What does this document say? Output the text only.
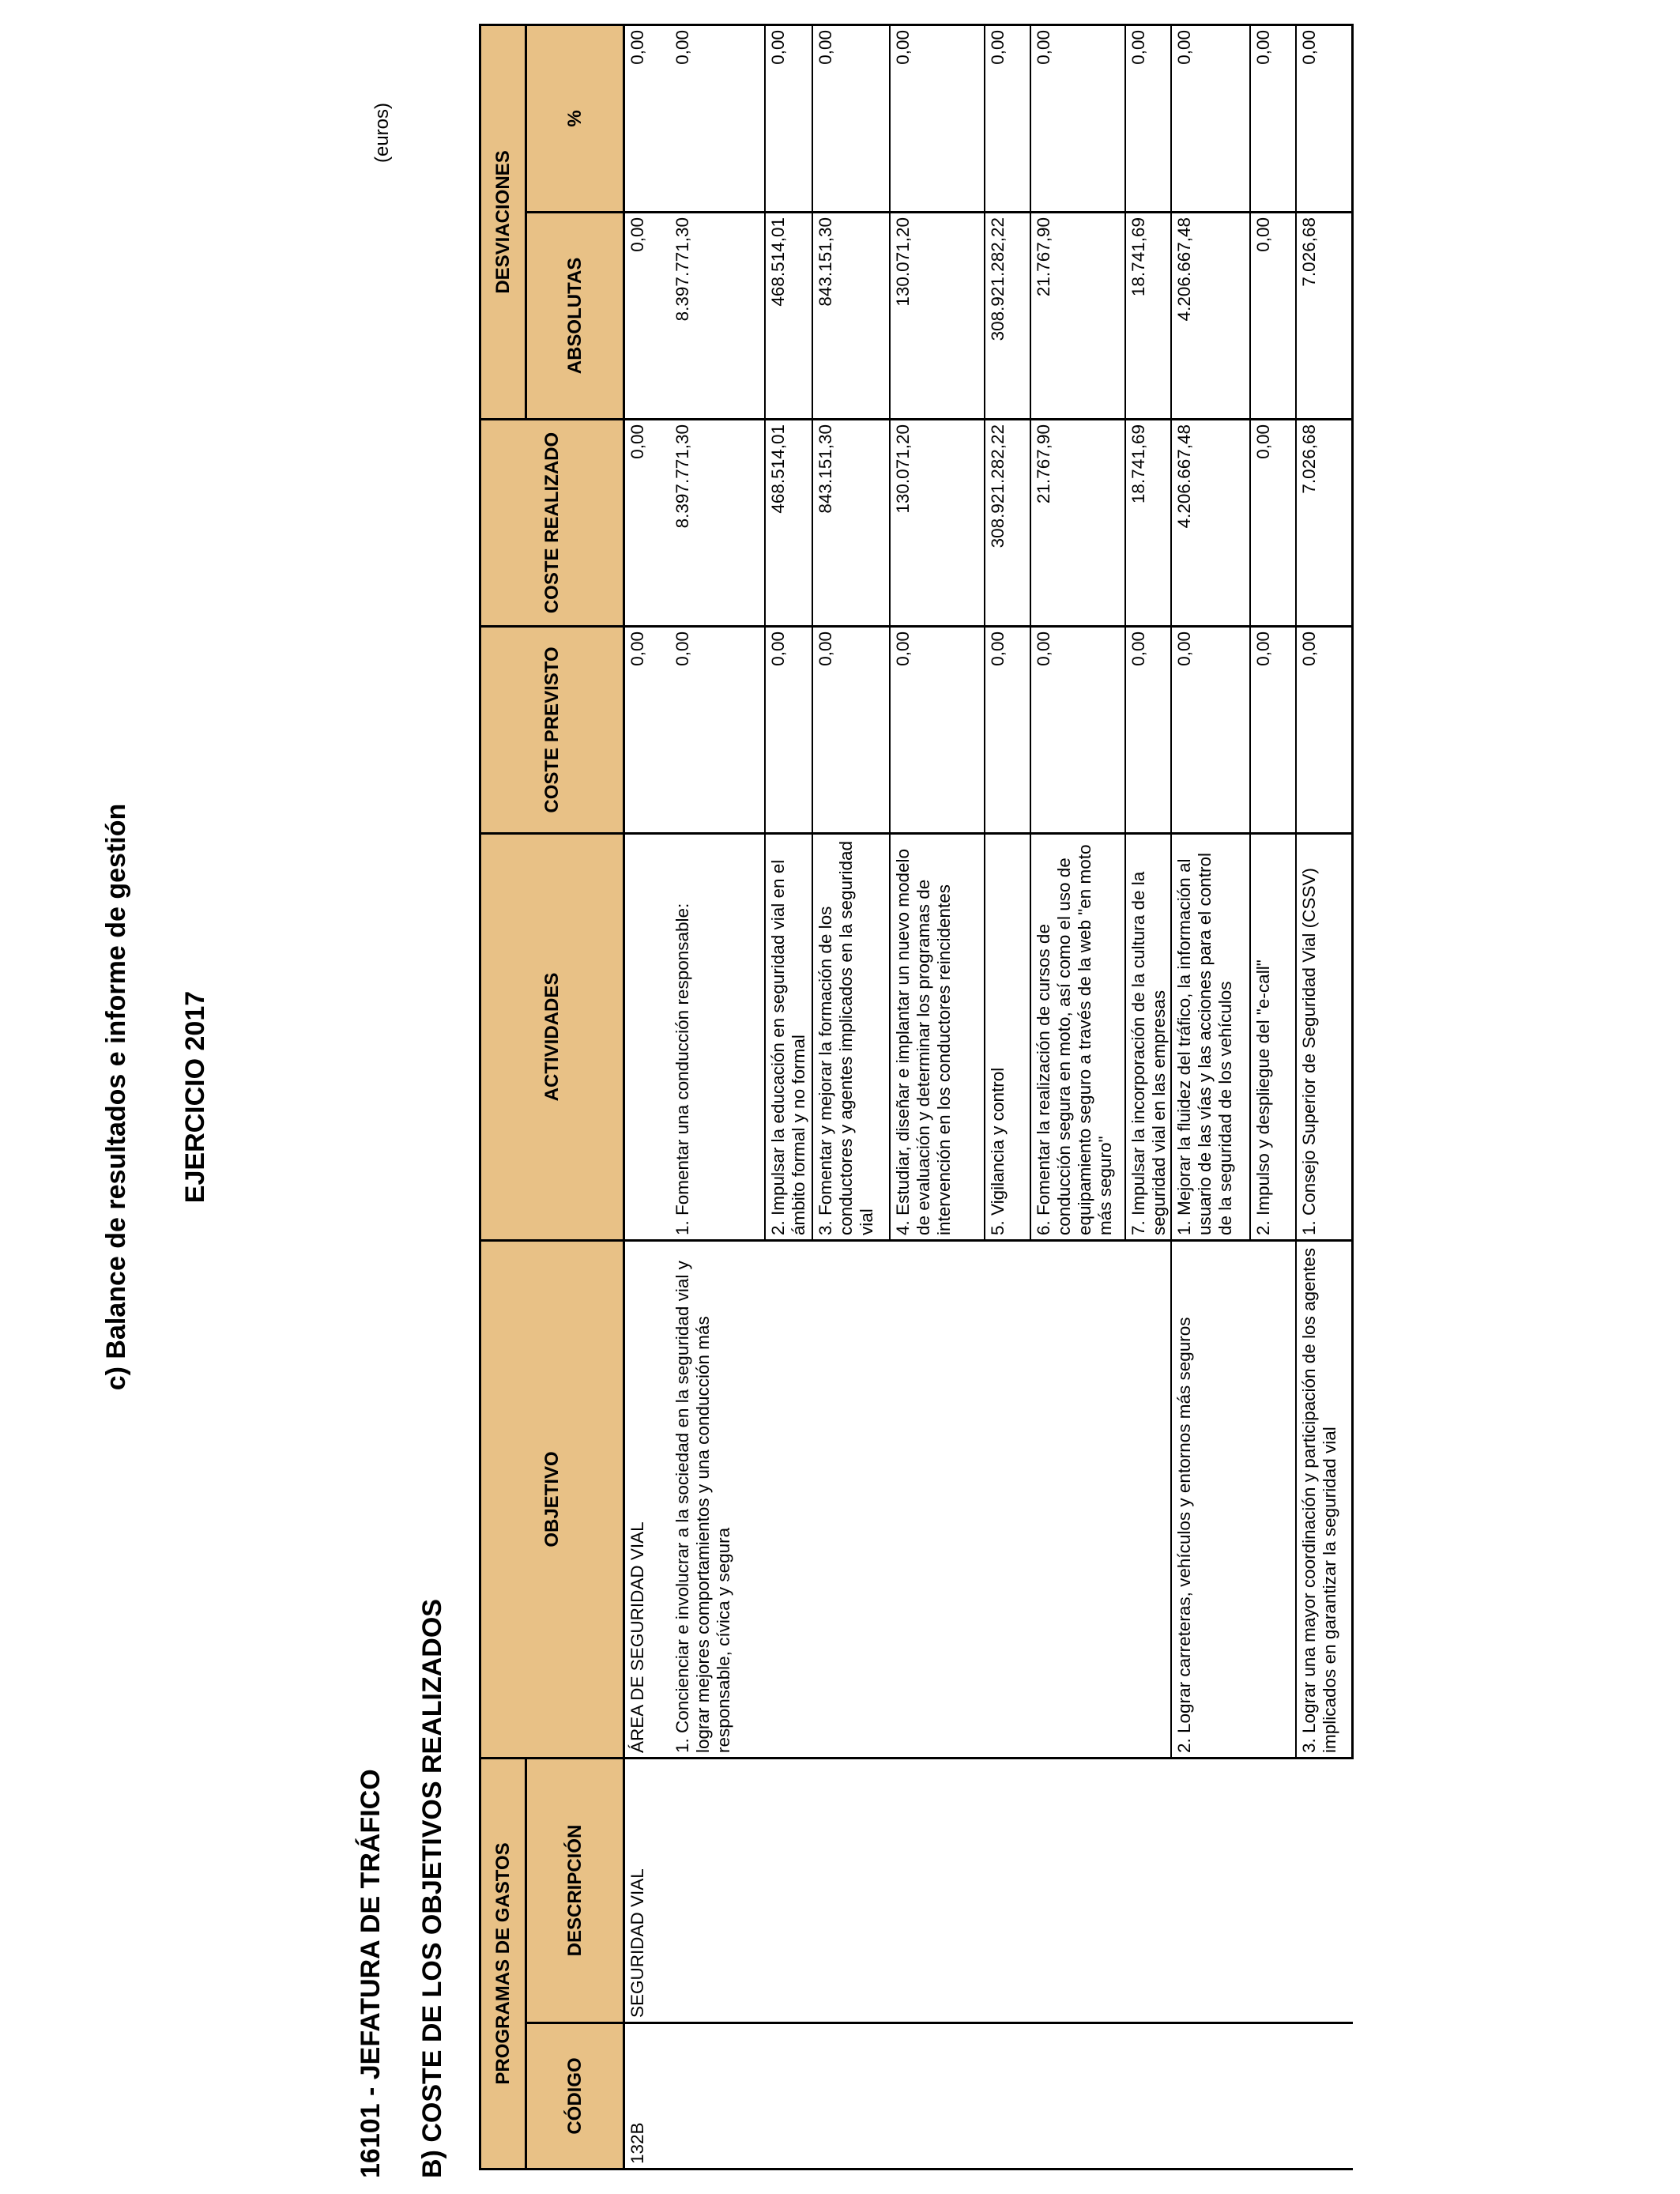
c) Balance de resultados e informe de gestión EJERCICIO 2017
16101 - JEFATURA DE TRÁFICO B) COSTE DE LOS OBJETIVOS REALIZADOS
(euros)
PROGRAMAS DE GASTOS		OBJETIVO	ACTIVIDADES	COSTE PREVISTO	COSTE REALIZADO	DESVIACIONES	
CÓDIGO	DESCRIPCIÓN					ABSOLUTAS	%
132B	SEGURIDAD VIAL	ÁREA DE SEGURIDAD VIAL		0,00	0,00	0,00	0,00
		1. Concienciar e involucrar a la sociedad en la seguridad vial y lograr mejores comportamientos y una conducción más responsable, cívica y segura	1. Fomentar una conducción responsable:	0,00	8.397.771,30	8.397.771,30	0,00
			2. Impulsar la educación en seguridad vial en el ámbito formal y no formal	0,00	468.514,01	468.514,01	0,00
			3. Fomentar y mejorar la formación de los conductores y agentes implicados en la seguridad vial	0,00	843.151,30	843.151,30	0,00
			4. Estudiar, diseñar e implantar un nuevo modelo de evaluación y determinar los programas de intervención en los conductores reincidentes	0,00	130.071,20	130.071,20	0,00
			5. Vigilancia y control	0,00	308.921.282,22	308.921.282,22	0,00
			6. Fomentar la realización de cursos de conducción segura en moto, así como el uso de equipamiento seguro a través de la web "en moto más seguro"	0,00	21.767,90	21.767,90	0,00
			7. Impulsar la incorporación de la cultura de la seguridad vial en las empresas	0,00	18.741,69	18.741,69	0,00
		2. Lograr carreteras, vehículos y entornos más seguros	1. Mejorar la fluidez del tráfico, la información al usuario de las vías y las acciones para el control de la seguridad de los vehículos	0,00	4.206.667,48	4.206.667,48	0,00
			2. Impulso y despliegue del "e-call"	0,00	0,00	0,00	0,00
		3. Lograr una mayor coordinación y participación de los agentes implicados en garantizar la seguridad vial	1. Consejo Superior de Seguridad Vial (CSSV)	0,00	7.026,68	7.026,68	0,00
